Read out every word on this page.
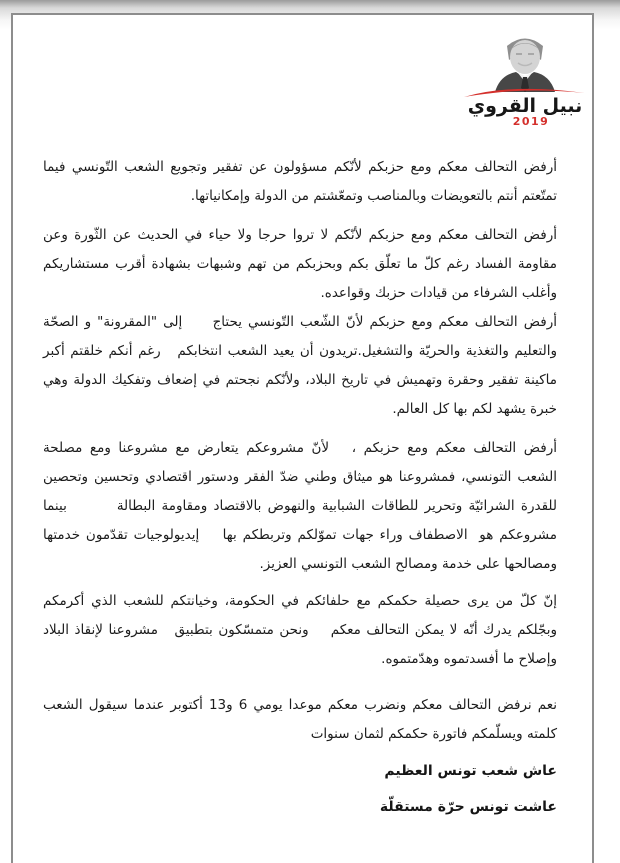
نبيل القروي
2019
أرفض التحالف معكم ومع حزبكم لأنّكم مسؤولون عن تفقير وتجويع الشعب التّونسي فيما
تمتّعتم أنتم بالتعويضات وبالمناصب وتمعّشتم من الدولة وإمكانياتها.
أرفض التحالف معكم ومع حزبكم لأنّكم لا تروا حرجا ولا حياء في الحديث عن الثّورة وعن
مقاومة الفساد رغم كلّ ما تعلّق بكم وبحزبكم من تهم وشبهات بشهادة أقرب مستشاريكم
وأغلب الشرفاء من قيادات حزبك وقواعده.
أرفض التحالف معكم ومع حزبكم لأنّ الشّعب التّونسي يحتاج     إلى "المقرونة" و الصحّة
والتعليم والتغذية والحريّة والتشغيل.تريدون أن يعيد الشعب انتخابكم   رغم أنكم خلقتم أكبر
ماكينة تفقير وحقرة وتهميش في تاريخ البلاد، ولأنّكم نجحتم في إضعاف وتفكيك الدولة وهي
خبرة يشهد لكم بها كل العالم.
أرفض التحالف معكم ومع حزبكم ،   لأنّ مشروعكم يتعارض مع مشروعنا ومع مصلحة
الشعب التونسي، فمشروعنا هو ميثاق وطني ضدّ الفقر ودستور اقتصادي وتحسين وتحصين
للقدرة الشرائيّة وتحرير للطاقات الشبابية والنهوض بالاقتصاد ومقاومة البطالة        بينما
مشروعكم هو  الاصطفاف وراء جهات تموّلكم وتربطكم بها    إيديولوجيات تقدّمون خدمتها
ومصالحها على خدمة ومصالح الشعب التونسي العزيز.
إنّ كلّ من يرى حصيلة حكمكم مع حلفائكم في الحكومة، وخيانتكم للشعب الذي أكرمكم
وبجّلكم يدرك أنّه لا يمكن التحالف معكم    ونحن متمسّكون بتطبيق   مشروعنا لإنقاذ البلاد
وإصلاح ما أفسدتموه وهدّمتموه.
نعم نرفض التحالف معكم ونضرب معكم موعدا يومي 6 و13 أكتوبر عندما سيقول الشعب
كلمته ويسلّمكم فاتورة حكمكم لثمان سنوات
عاش شعب تونس العظيم
عاشت تونس حرّة مستقلّة
